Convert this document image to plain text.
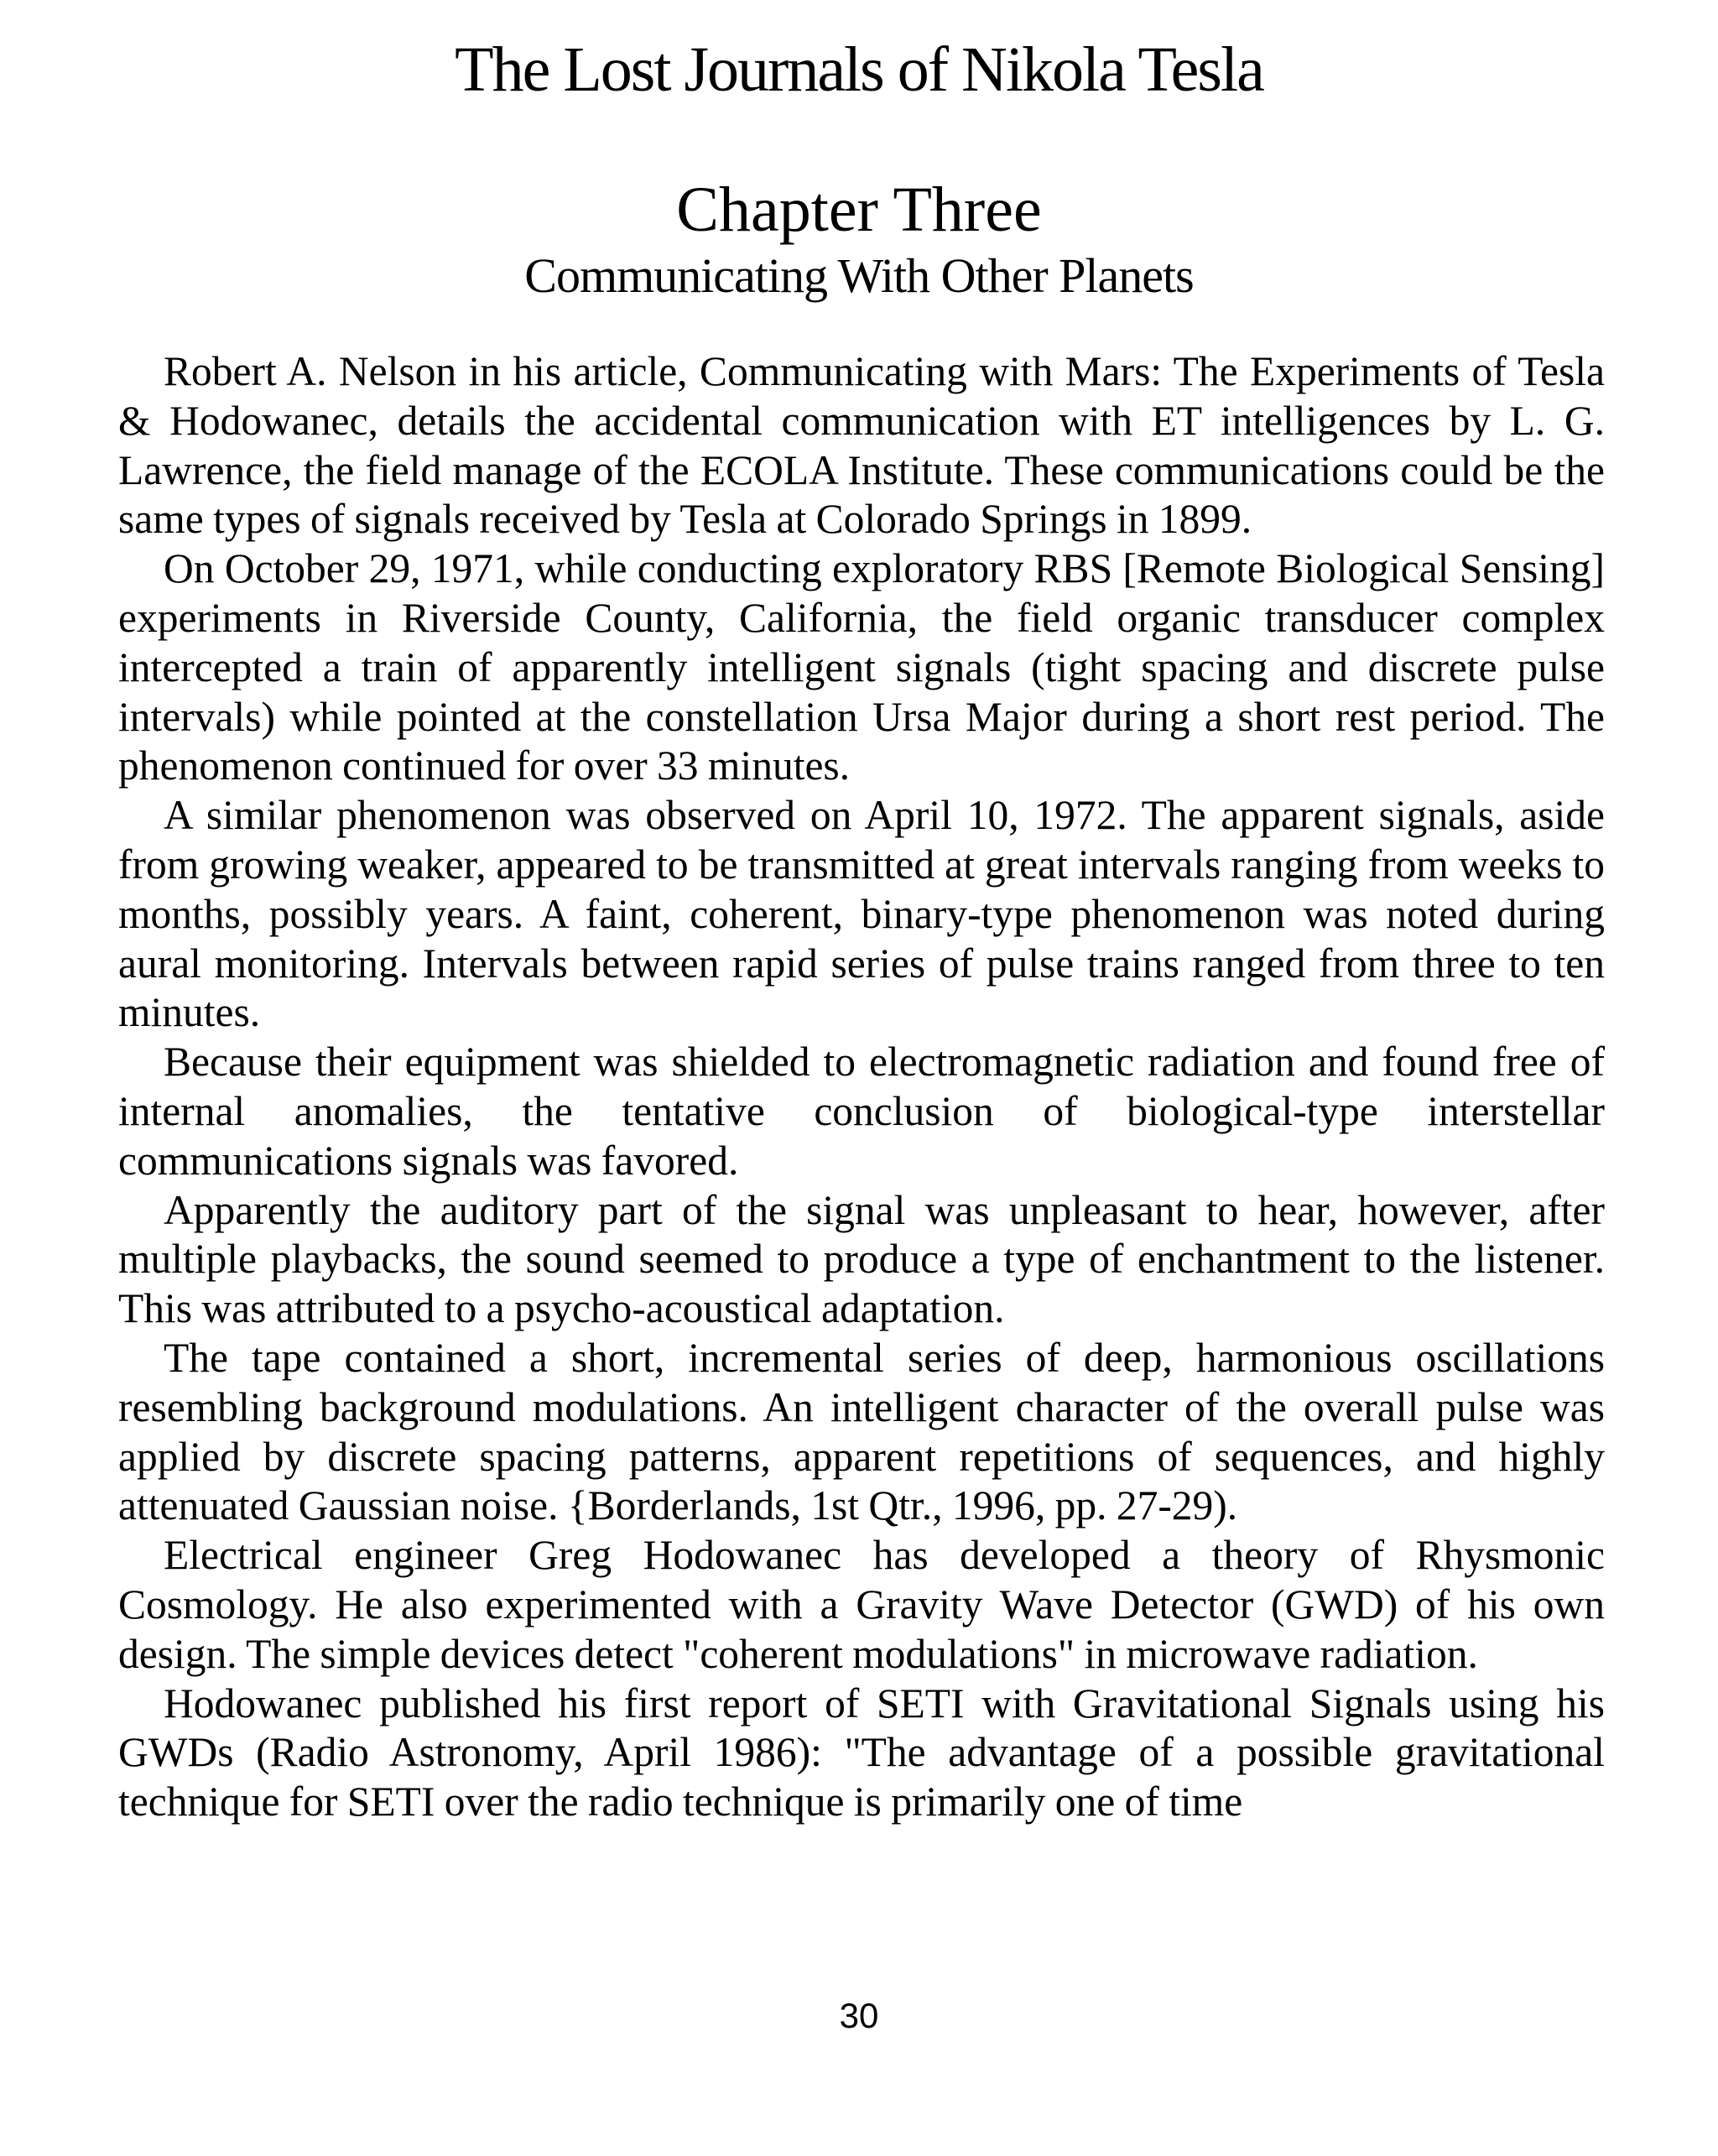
The Lost Journals of Nikola Tesla
Chapter Three
Communicating With Other Planets

Robert A. Nelson in his article, Communicating with Mars: The Experiments of Tesla & Hodowanec, details the accidental communication with ET intelligences by L. G. Lawrence, the field manage of the ECOLA Institute. These communications could be the same types of signals received by Tesla at Colorado Springs in 1899.

On October 29, 1971, while conducting exploratory RBS [Remote Biological Sensing] experiments in Riverside County, California, the field organic transducer complex intercepted a train of apparently intelligent signals (tight spacing and discrete pulse intervals) while pointed at the constellation Ursa Major during a short rest period. The phenomenon continued for over 33 minutes.

A similar phenomenon was observed on April 10, 1972. The apparent signals, aside from growing weaker, appeared to be transmitted at great intervals ranging from weeks to months, possibly years. A faint, coherent, binary-type phenomenon was noted during aural monitoring. Intervals between rapid series of pulse trains ranged from three to ten minutes.

Because their equipment was shielded to electromagnetic radiation and found free of internal anomalies, the tentative conclusion of biological-type interstellar communications signals was favored.

Apparently the auditory part of the signal was unpleasant to hear, however, after multiple playbacks, the sound seemed to produce a type of enchantment to the listener. This was attributed to a psycho-acoustical adaptation.

The tape contained a short, incremental series of deep, harmonious oscillations resembling background modulations. An intelligent character of the overall pulse was applied by discrete spacing patterns, apparent repetitions of sequences, and highly attenuated Gaussian noise. {Borderlands, 1st Qtr., 1996, pp. 27-29).

Electrical engineer Greg Hodowanec has developed a theory of Rhysmonic Cosmology. He also experimented with a Gravity Wave Detector (GWD) of his own design. The simple devices detect "coherent modulations" in microwave radiation.

Hodowanec published his first report of SETI with Gravitational Signals using his GWDs (Radio Astronomy, April 1986): "The advantage of a possible gravitational technique for SETI over the radio technique is primarily one of time

30
